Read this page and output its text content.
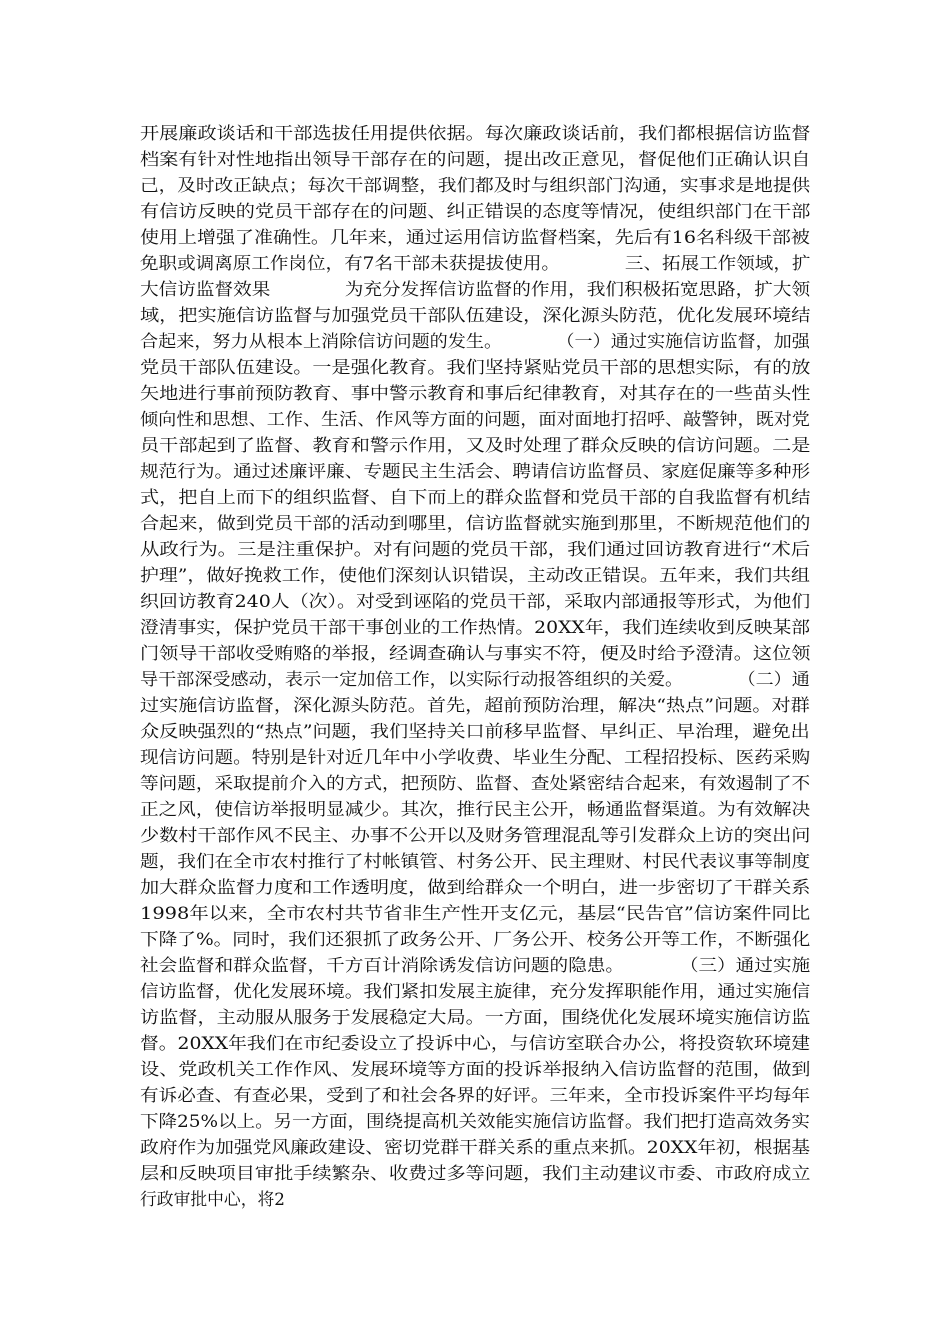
开展廉政谈话和干部选拔任用提供依据。每次廉政谈话前，我们都根据信访监督
档案有针对性地指出领导干部存在的问题，提出改正意见，督促他们正确认识自
己，及时改正缺点；每次干部调整，我们都及时与组织部门沟通，实事求是地提供
有信访反映的党员干部存在的问题、纠正错误的态度等情况，使组织部门在干部
使用上增强了准确性。几年来，通过运用信访监督档案，先后有16名科级干部被
免职或调离原工作岗位，有7名干部未获提拔使用。　　　　三、拓展工作领域，扩
大信访监督效果　　　　为充分发挥信访监督的作用，我们积极拓宽思路，扩大领
域，把实施信访监督与加强党员干部队伍建设，深化源头防范，优化发展环境结
合起来，努力从根本上消除信访问题的发生。　　　　（一）通过实施信访监督，加强
党员干部队伍建设。一是强化教育。我们坚持紧贴党员干部的思想实际，有的放
矢地进行事前预防教育、事中警示教育和事后纪律教育，对其存在的一些苗头性
倾向性和思想、工作、生活、作风等方面的问题，面对面地打招呼、敲警钟，既对党
员干部起到了监督、教育和警示作用，又及时处理了群众反映的信访问题。二是
规范行为。通过述廉评廉、专题民主生活会、聘请信访监督员、家庭促廉等多种形
式，把自上而下的组织监督、自下而上的群众监督和党员干部的自我监督有机结
合起来，做到党员干部的活动到哪里，信访监督就实施到那里，不断规范他们的
从政行为。三是注重保护。对有问题的党员干部，我们通过回访教育进行“术后
护理”，做好挽救工作，使他们深刻认识错误，主动改正错误。五年来，我们共组
织回访教育240人（次）。对受到诬陷的党员干部，采取内部通报等形式，为他们
澄清事实，保护党员干部干事创业的工作热情。20XX年，我们连续收到反映某部
门领导干部收受贿赂的举报，经调查确认与事实不符，便及时给予澄清。这位领
导干部深受感动，表示一定加倍工作，以实际行动报答组织的关爱。　　　　（二）通
过实施信访监督，深化源头防范。首先，超前预防治理，解决“热点”问题。对群
众反映强烈的“热点”问题，我们坚持关口前移早监督、早纠正、早治理，避免出
现信访问题。特别是针对近几年中小学收费、毕业生分配、工程招投标、医药采购
等问题，采取提前介入的方式，把预防、监督、查处紧密结合起来，有效遏制了不
正之风，使信访举报明显减少。其次，推行民主公开，畅通监督渠道。为有效解决
少数村干部作风不民主、办事不公开以及财务管理混乱等引发群众上访的突出问
题，我们在全市农村推行了村帐镇管、村务公开、民主理财、村民代表议事等制度
加大群众监督力度和工作透明度，做到给群众一个明白，进一步密切了干群关系
1998年以来，全市农村共节省非生产性开支亿元，基层“民告官”信访案件同比
下降了%。同时，我们还狠抓了政务公开、厂务公开、校务公开等工作，不断强化
社会监督和群众监督，千方百计消除诱发信访问题的隐患。　　　　（三）通过实施
信访监督，优化发展环境。我们紧扣发展主旋律，充分发挥职能作用，通过实施信
访监督，主动服从服务于发展稳定大局。一方面，围绕优化发展环境实施信访监
督。20XX年我们在市纪委设立了投诉中心，与信访室联合办公，将投资软环境建
设、党政机关工作作风、发展环境等方面的投诉举报纳入信访监督的范围，做到
有诉必查、有查必果，受到了和社会各界的好评。三年来，全市投诉案件平均每年
下降25%以上。另一方面，围绕提高机关效能实施信访监督。我们把打造高效务实
政府作为加强党风廉政建设、密切党群干群关系的重点来抓。20XX年初，根据基
层和反映项目审批手续繁杂、收费过多等问题，我们主动建议市委、市政府成立
行政审批中心，将2
